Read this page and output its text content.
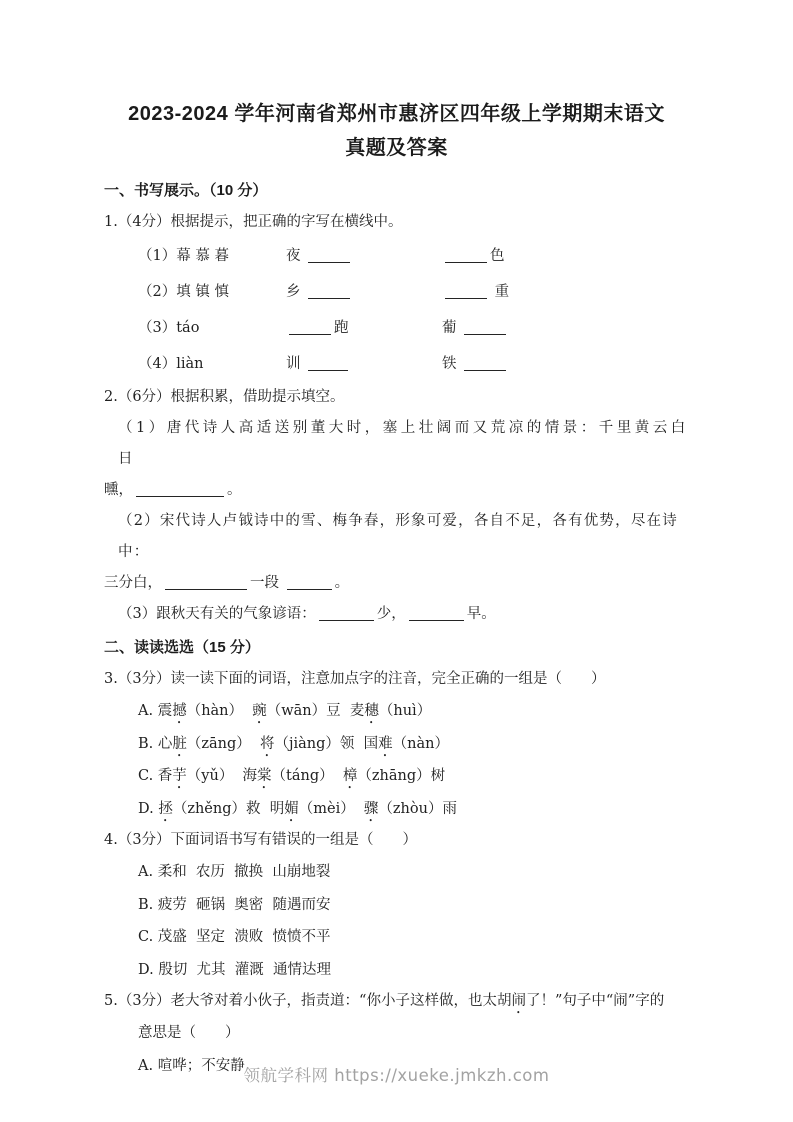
2023-2024 学年河南省郑州市惠济区四年级上学期期末语文
真题及答案
一、书写展示。（10 分）
1.（4分）根据提示，把正确的字写在横线中。
（1）幕 慕 暮	夜	色
（2）填 镇 慎	乡	重
（3）táo	跑	葡
（4）liàn	训	铁
2.（6分）根据积累，借助提示填空。
（1）唐代诗人高适送别董大时，塞上壮阔而又荒凉的情景：千里黄云白日
曛，	。
（2）宋代诗人卢钺诗中的雪、梅争春，形象可爱，各自不足，各有优势，尽在诗中：
三分白，	一段	。
（3）跟秋天有关的气象谚语：	少，	早。
二、读读选选（15 分）
3.（3分）读一读下面的词语，注意加点字的注音，完全正确的一组是（　　）
A. 震撼（hàn）  豌（wān）豆  麦穗（huì）
B. 心脏（zāng）  将（jiàng）领  国难（nàn）
C. 香芋（yǔ）  海棠（táng）  樟（zhāng）树
D. 拯（zhěng）救  明媚（mèi）  骤（zhòu）雨
4.（3分）下面词语书写有错误的一组是（　　）
A. 柔和  农历  撤换  山崩地裂
B. 疲劳  砸锅  奥密  随遇而安
C. 茂盛  坚定  溃败  愤愤不平
D. 殷切  尤其  灌溉  通情达理
5.（3分）老大爷对着小伙子，指责道：“你小子这样做，也太胡闹了！”句子中“闹”字的
意思是（　　）
A. 喧哗；不安静
领航学科网 https://xueke.jmkzh.com
